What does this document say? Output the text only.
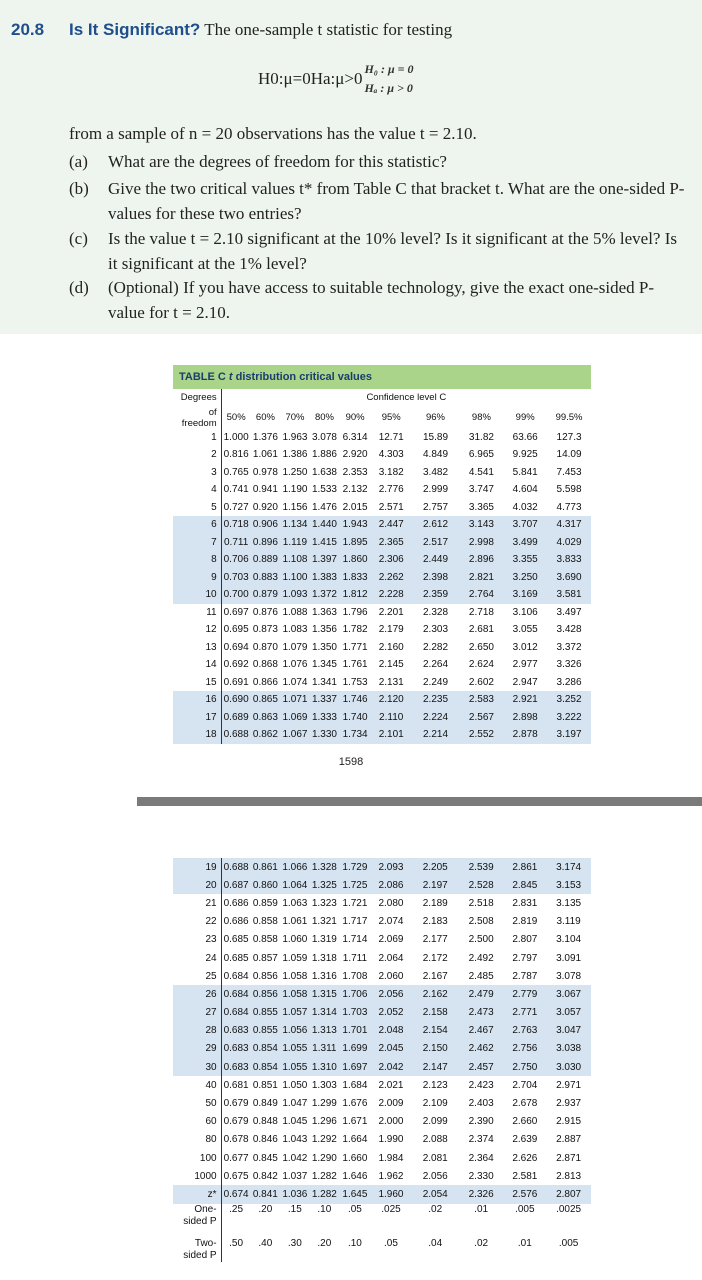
20.8 Is It Significant? The one-sample t statistic for testing
H0:μ=0Ha:μ>0 H₀ : μ = 0
Hₐ : μ > 0
from a sample of n = 20 observations has the value t = 2.10.
(a) What are the degrees of freedom for this statistic?
(b) Give the two critical values t* from Table C that bracket t. What are the one-sided P-values for these two entries?
(c) Is the value t = 2.10 significant at the 10% level? Is it significant at the 5% level? Is it significant at the 1% level?
(d) (Optional) If you have access to suitable technology, give the exact one-sided P-value for t = 2.10.
TABLE C t distribution critical values
Degrees	Confidence level C									
of
freedom	50%	60%	70%	80%	90%	95%	96%	98%	99%	99.5%
1	1.000	1.376	1.963	3.078	6.314	12.71	15.89	31.82	63.66	127.3
2	0.816	1.061	1.386	1.886	2.920	4.303	4.849	6.965	9.925	14.09
3	0.765	0.978	1.250	1.638	2.353	3.182	3.482	4.541	5.841	7.453
4	0.741	0.941	1.190	1.533	2.132	2.776	2.999	3.747	4.604	5.598
5	0.727	0.920	1.156	1.476	2.015	2.571	2.757	3.365	4.032	4.773
6	0.718	0.906	1.134	1.440	1.943	2.447	2.612	3.143	3.707	4.317
7	0.711	0.896	1.119	1.415	1.895	2.365	2.517	2.998	3.499	4.029
8	0.706	0.889	1.108	1.397	1.860	2.306	2.449	2.896	3.355	3.833
9	0.703	0.883	1.100	1.383	1.833	2.262	2.398	2.821	3.250	3.690
10	0.700	0.879	1.093	1.372	1.812	2.228	2.359	2.764	3.169	3.581
11	0.697	0.876	1.088	1.363	1.796	2.201	2.328	2.718	3.106	3.497
12	0.695	0.873	1.083	1.356	1.782	2.179	2.303	2.681	3.055	3.428
13	0.694	0.870	1.079	1.350	1.771	2.160	2.282	2.650	3.012	3.372
14	0.692	0.868	1.076	1.345	1.761	2.145	2.264	2.624	2.977	3.326
15	0.691	0.866	1.074	1.341	1.753	2.131	2.249	2.602	2.947	3.286
16	0.690	0.865	1.071	1.337	1.746	2.120	2.235	2.583	2.921	3.252
17	0.689	0.863	1.069	1.333	1.740	2.110	2.224	2.567	2.898	3.222
18	0.688	0.862	1.067	1.330	1.734	2.101	2.214	2.552	2.878	3.197
1598
19	0.688	0.861	1.066	1.328	1.729	2.093	2.205	2.539	2.861	3.174
20	0.687	0.860	1.064	1.325	1.725	2.086	2.197	2.528	2.845	3.153
21	0.686	0.859	1.063	1.323	1.721	2.080	2.189	2.518	2.831	3.135
22	0.686	0.858	1.061	1.321	1.717	2.074	2.183	2.508	2.819	3.119
23	0.685	0.858	1.060	1.319	1.714	2.069	2.177	2.500	2.807	3.104
24	0.685	0.857	1.059	1.318	1.711	2.064	2.172	2.492	2.797	3.091
25	0.684	0.856	1.058	1.316	1.708	2.060	2.167	2.485	2.787	3.078
26	0.684	0.856	1.058	1.315	1.706	2.056	2.162	2.479	2.779	3.067
27	0.684	0.855	1.057	1.314	1.703	2.052	2.158	2.473	2.771	3.057
28	0.683	0.855	1.056	1.313	1.701	2.048	2.154	2.467	2.763	3.047
29	0.683	0.854	1.055	1.311	1.699	2.045	2.150	2.462	2.756	3.038
30	0.683	0.854	1.055	1.310	1.697	2.042	2.147	2.457	2.750	3.030
40	0.681	0.851	1.050	1.303	1.684	2.021	2.123	2.423	2.704	2.971
50	0.679	0.849	1.047	1.299	1.676	2.009	2.109	2.403	2.678	2.937
60	0.679	0.848	1.045	1.296	1.671	2.000	2.099	2.390	2.660	2.915
80	0.678	0.846	1.043	1.292	1.664	1.990	2.088	2.374	2.639	2.887
100	0.677	0.845	1.042	1.290	1.660	1.984	2.081	2.364	2.626	2.871
1000	0.675	0.842	1.037	1.282	1.646	1.962	2.056	2.330	2.581	2.813
z*	0.674	0.841	1.036	1.282	1.645	1.960	2.054	2.326	2.576	2.807
One-
sided P	.25	.20	.15	.10	.05	.025	.02	.01	.005	.0025
Two-
sided P	.50	.40	.30	.20	.10	.05	.04	.02	.01	.005
